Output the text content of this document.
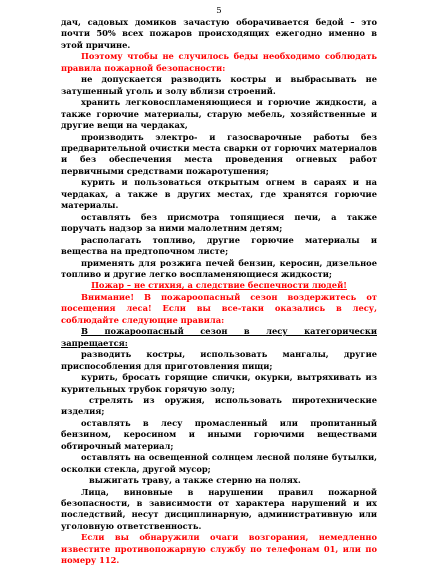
5

дач, садовых домиков зачастую оборачивается бедой – это почти 50% всех пожаров происходящих ежегодно именно в этой причине.

Поэтому чтобы не случилось беды необходимо соблюдать правила пожарной безопасности:

не допускается разводить костры и выбрасывать не затушенный уголь и золу вблизи строений.

хранить легковоспламеняющиеся и горючие жидкости, а также горючие материалы, старую мебель, хозяйственные и другие вещи на чердаках,

производить электро- и газосварочные работы без предварительной очистки места сварки от горючих материалов и без обеспечения места проведения огневых работ первичными средствами пожаротушения;

курить и пользоваться открытым огнем в сараях и на чердаках, а также в других местах, где хранятся горючие материалы.

оставлять без присмотра топящиеся печи, а также поручать надзор за ними малолетним детям;

располагать топливо, другие горючие материалы и вещества на предтопочном листе;

применять для розжига печей бензин, керосин, дизельное топливо и другие легко воспламеняющиеся жидкости;

Пожар – не стихия, а следствие беспечности людей!

Внимание! В пожароопасный сезон воздержитесь от посещения леса! Если вы все-таки оказались в лесу, соблюдайте следующие правила:

В пожароопасный сезон в лесу категорически запрещается:

разводить костры, использовать мангалы, другие приспособления для приготовления пищи;

курить, бросать горящие спички, окурки, вытряхивать из курительных трубок горячую золу;

стрелять из оружия, использовать пиротехнические изделия;

оставлять в лесу промасленный или пропитанный бензином, керосином и иными горючими веществами обтирочный материал;

оставлять на освещенной солнцем лесной поляне бутылки, осколки стекла, другой мусор;

выжигать траву, а также стерню на полях.

Лица, виновные в нарушении правил пожарной безопасности, в зависимости от характера нарушений и их последствий, несут дисциплинарную, административную или уголовную ответственность.

Если вы обнаружили очаги возгорания, немедленно известите противопожарную службу по телефонам 01, или по номеру 112.
